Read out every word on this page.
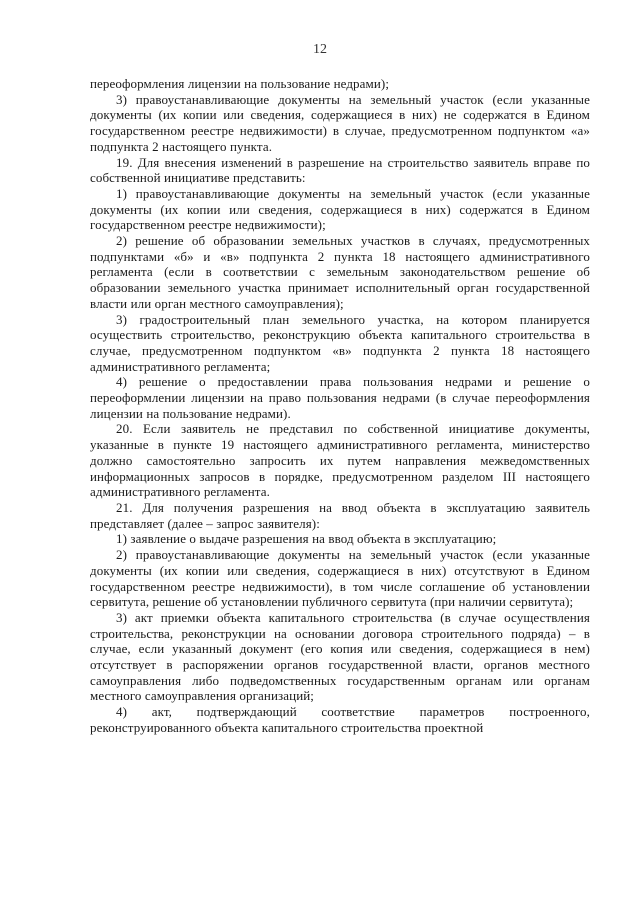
12

переоформления лицензии на пользование недрами);

3) правоустанавливающие документы на земельный участок (если указанные документы (их копии или сведения, содержащиеся в них) не содержатся в Едином государственном реестре недвижимости) в случае, предусмотренном подпунктом «а» подпункта 2 настоящего пункта.

19. Для внесения изменений в разрешение на строительство заявитель вправе по собственной инициативе представить:

1) правоустанавливающие документы на земельный участок (если указанные документы (их копии или сведения, содержащиеся в них) содержатся в Едином государственном реестре недвижимости);

2) решение об образовании земельных участков в случаях, предусмотренных подпунктами «б» и «в» подпункта 2 пункта 18 настоящего административного регламента (если в соответствии с земельным законодательством решение об образовании земельного участка принимает исполнительный орган государственной власти или орган местного самоуправления);

3) градостроительный план земельного участка, на котором планируется осуществить строительство, реконструкцию объекта капитального строительства в случае, предусмотренном подпунктом «в» подпункта 2 пункта 18 настоящего административного регламента;

4) решение о предоставлении права пользования недрами и решение о переоформлении лицензии на право пользования недрами (в случае переоформления лицензии на пользование недрами).

20. Если заявитель не представил по собственной инициативе документы, указанные в пункте 19 настоящего административного регламента, министерство должно самостоятельно запросить их путем направления межведомственных информационных запросов в порядке, предусмотренном разделом III настоящего административного регламента.

21. Для получения разрешения на ввод объекта в эксплуатацию заявитель представляет (далее – запрос заявителя):

1) заявление о выдаче разрешения на ввод объекта в эксплуатацию;

2) правоустанавливающие документы на земельный участок (если указанные документы (их копии или сведения, содержащиеся в них) отсутствуют в Едином государственном реестре недвижимости), в том числе соглашение об установлении сервитута, решение об установлении публичного сервитута (при наличии сервитута);

3) акт приемки объекта капитального строительства (в случае осуществления строительства, реконструкции на основании договора строительного подряда) – в случае, если указанный документ (его копия или сведения, содержащиеся в нем) отсутствует в распоряжении органов государственной власти, органов местного самоуправления либо подведомственных государственным органам или органам местного самоуправления организаций;

4) акт, подтверждающий соответствие параметров построенного, реконструированного объекта капитального строительства проектной
